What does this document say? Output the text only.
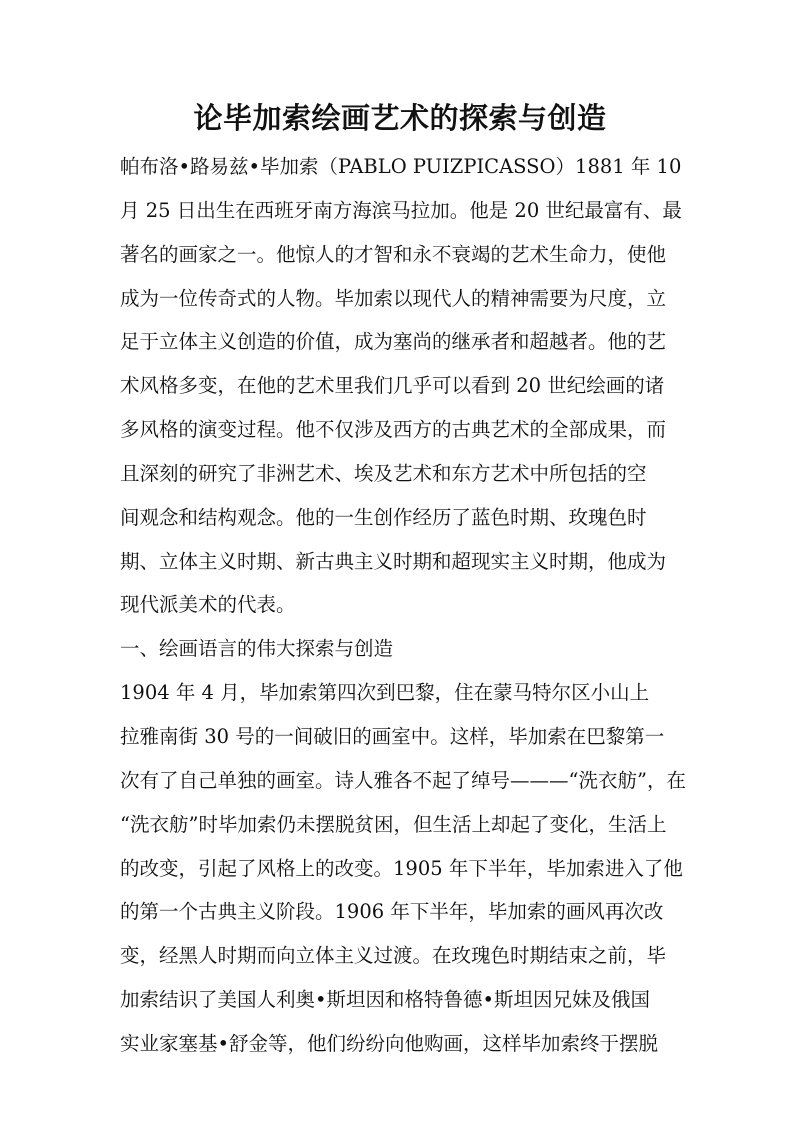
论毕加索绘画艺术的探索与创造
帕布洛•路易兹•毕加索（PABLO PUIZPICASSO）1881 年 10
月 25 日出生在西班牙南方海滨马拉加。他是 20 世纪最富有、最
著名的画家之一。他惊人的才智和永不衰竭的艺术生命力，使他
成为一位传奇式的人物。毕加索以现代人的精神需要为尺度，立
足于立体主义创造的价值，成为塞尚的继承者和超越者。他的艺
术风格多变，在他的艺术里我们几乎可以看到 20 世纪绘画的诸
多风格的演变过程。他不仅涉及西方的古典艺术的全部成果，而
且深刻的研究了非洲艺术、埃及艺术和东方艺术中所包括的空
间观念和结构观念。他的一生创作经历了蓝色时期、玫瑰色时
期、立体主义时期、新古典主义时期和超现实主义时期，他成为
现代派美术的代表。
一、绘画语言的伟大探索与创造
1904 年 4 月，毕加索第四次到巴黎，住在蒙马特尔区小山上
拉雅南街 30 号的一间破旧的画室中。这样，毕加索在巴黎第一
次有了自己单独的画室。诗人雅各不起了绰号———“洗衣舫”，在
“洗衣舫”时毕加索仍未摆脱贫困，但生活上却起了变化，生活上
的改变，引起了风格上的改变。1905 年下半年，毕加索进入了他
的第一个古典主义阶段。1906 年下半年，毕加索的画风再次改
变，经黑人时期而向立体主义过渡。在玫瑰色时期结束之前，毕
加索结识了美国人利奥•斯坦因和格特鲁德•斯坦因兄妹及俄国
实业家塞基•舒金等，他们纷纷向他购画，这样毕加索终于摆脱
